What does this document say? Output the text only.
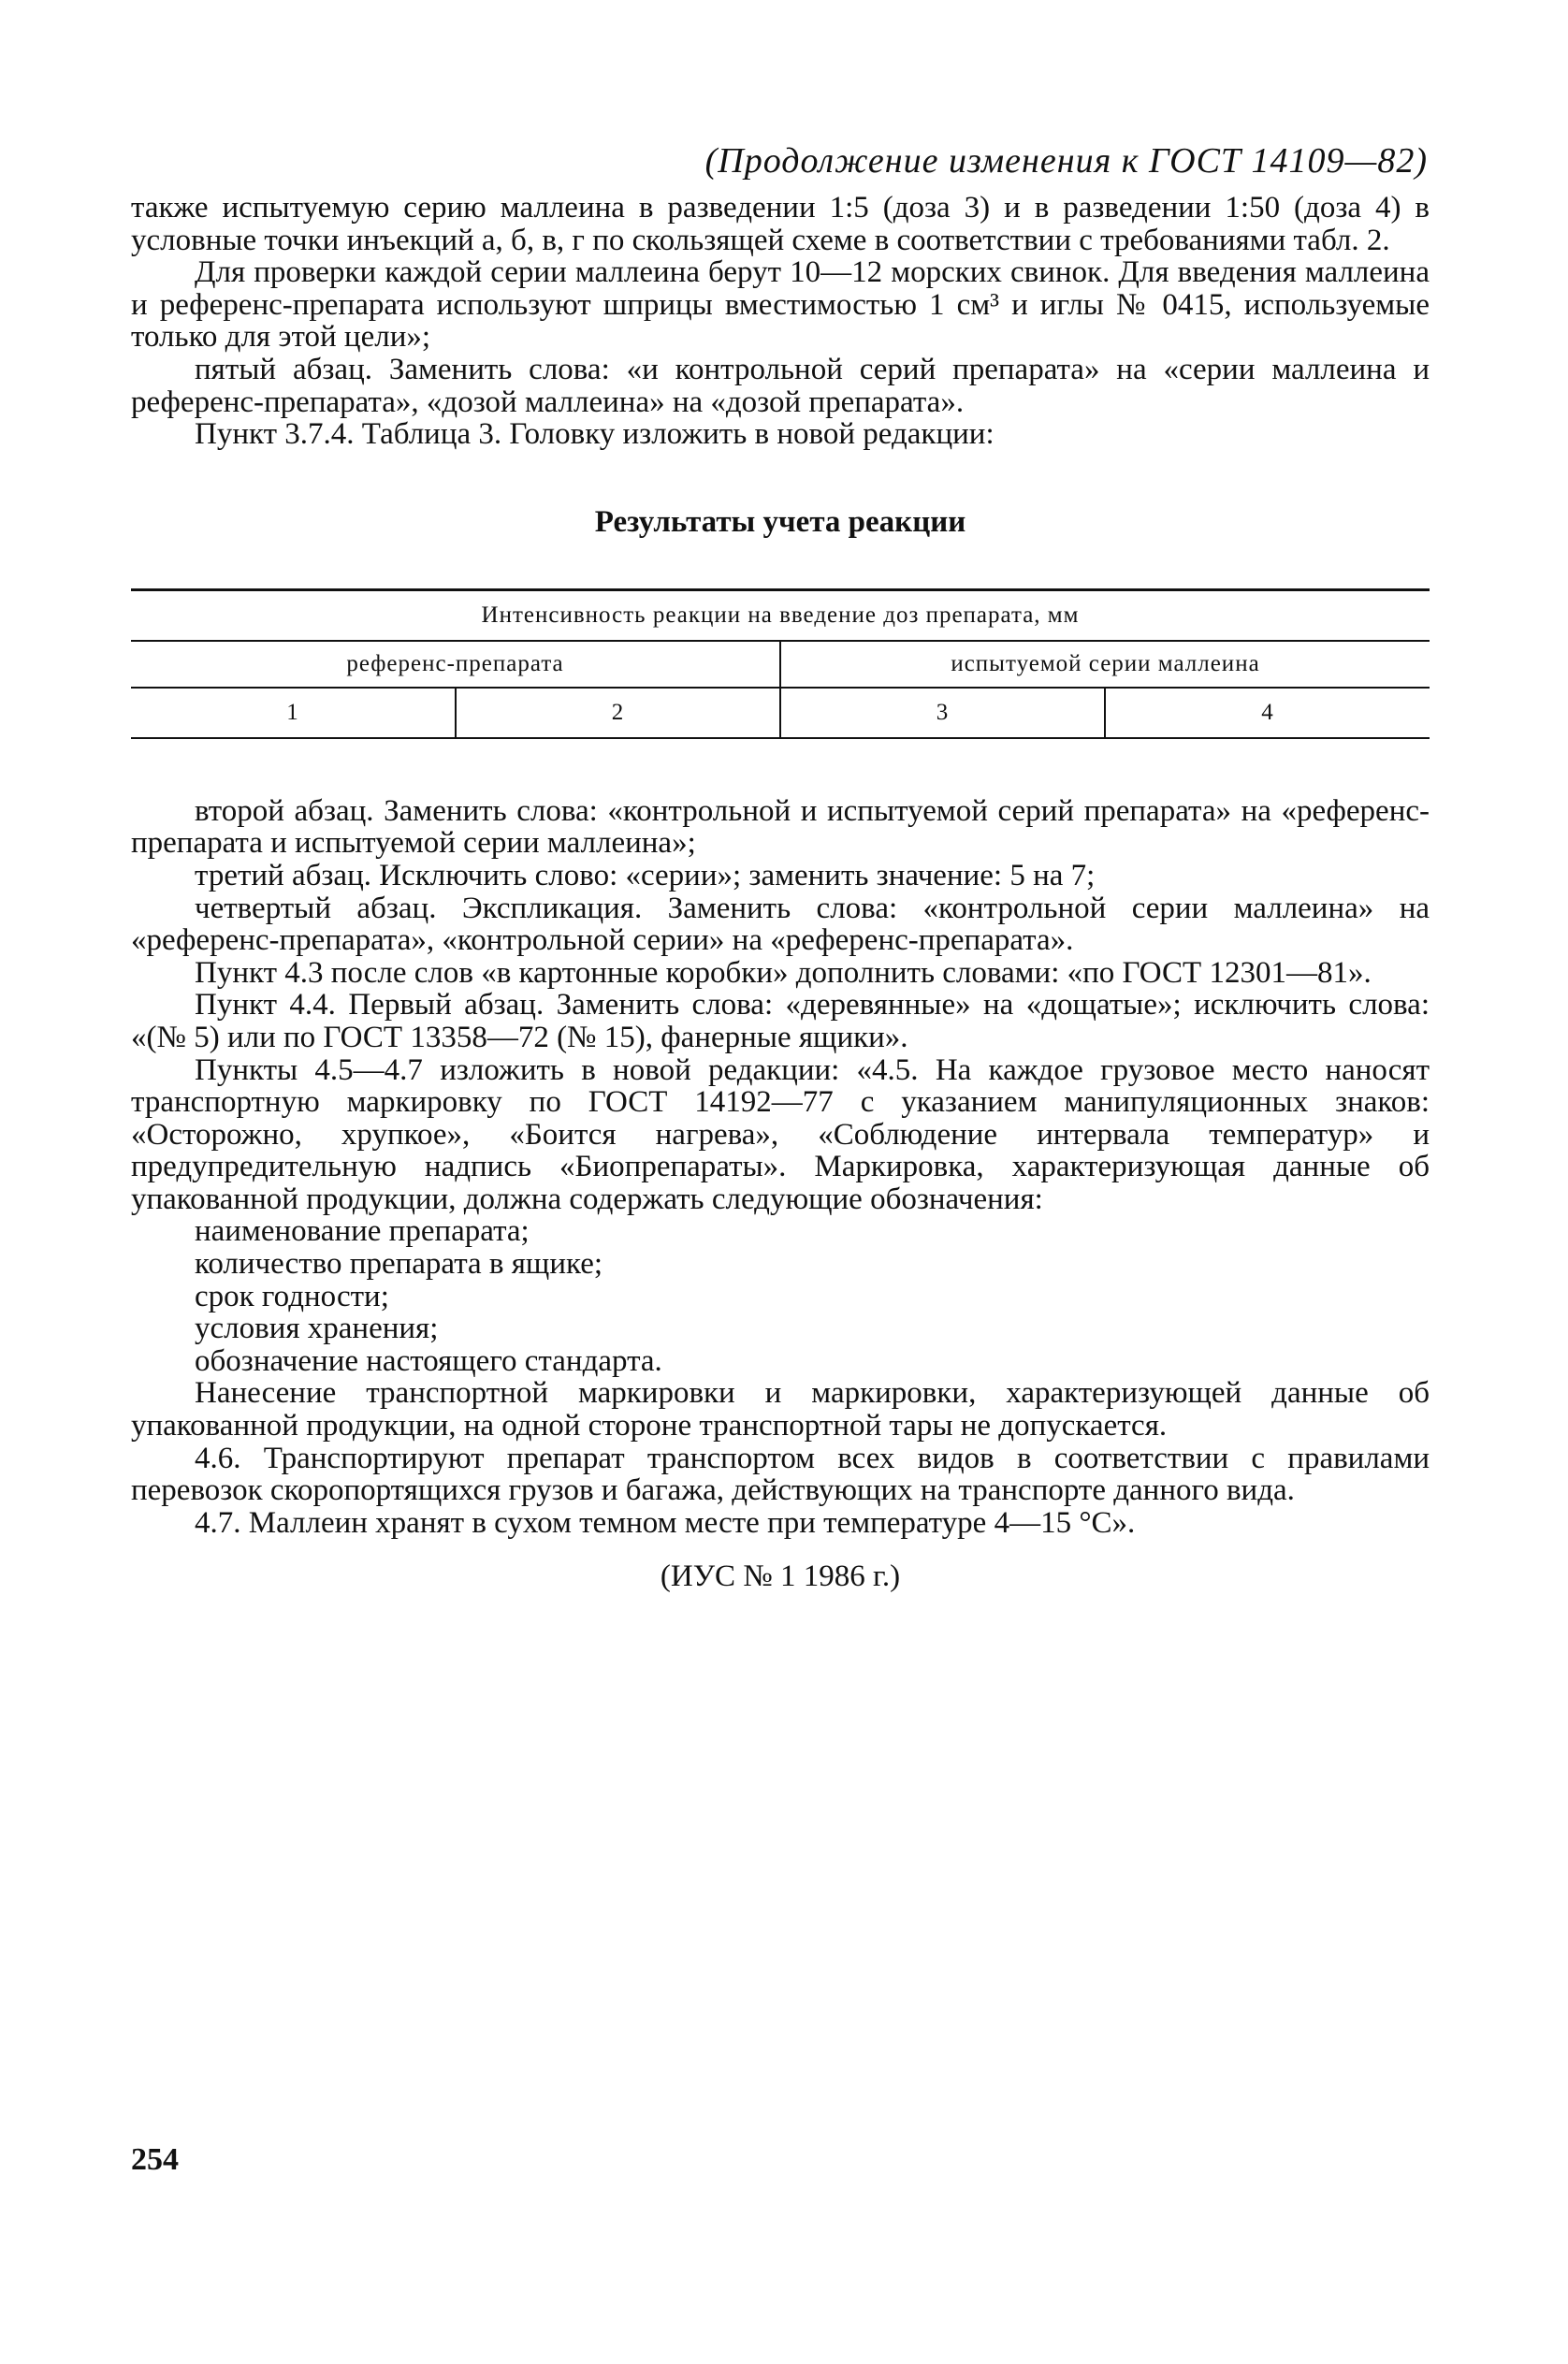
(Продолжение изменения к ГОСТ 14109—82)

также испытуемую серию маллеина в разведении 1:5 (доза 3) и в разведении 1:50 (доза 4) в условные точки инъекций а, б, в, г по скользящей схеме в соответствии с требованиями табл. 2.

Для проверки каждой серии маллеина берут 10—12 морских свинок. Для введения маллеина и референс-препарата используют шприцы вместимостью 1 см³ и иглы № 0415, используемые только для этой цели»;

пятый абзац. Заменить слова: «и контрольной серий препарата» на «серии маллеина и референс-препарата», «дозой маллеина» на «дозой препарата».

Пункт 3.7.4. Таблица 3. Головку изложить в новой редакции:

Результаты учета реакции
Интенсивность реакции на введение доз препарата, мм			
референс-препарата		испытуемой серии маллеина	
1	2	3	4

второй абзац. Заменить слова: «контрольной и испытуемой серий препарата» на «референс-препарата и испытуемой серии маллеина»;

третий абзац. Исключить слово: «серии»; заменить значение: 5 на 7;

четвертый абзац. Экспликация. Заменить слова: «контрольной серии маллеина» на «референс-препарата», «контрольной серии» на «референс-препарата».

Пункт 4.3 после слов «в картонные коробки» дополнить словами: «по ГОСТ 12301—81».

Пункт 4.4. Первый абзац. Заменить слова: «деревянные» на «дощатые»; исключить слова: «(№ 5) или по ГОСТ 13358—72 (№ 15), фанерные ящики».

Пункты 4.5—4.7 изложить в новой редакции: «4.5. На каждое грузовое место наносят транспортную маркировку по ГОСТ 14192—77 с указанием манипуляционных знаков: «Осторожно, хрупкое», «Боится нагрева», «Соблюдение интервала температур» и предупредительную надпись «Биопрепараты». Маркировка, характеризующая данные об упакованной продукции, должна содержать следующие обозначения:

наименование препарата;
количество препарата в ящике;
срок годности;
условия хранения;
обозначение настоящего стандарта.

Нанесение транспортной маркировки и маркировки, характеризующей данные об упакованной продукции, на одной стороне транспортной тары не допускается.

4.6. Транспортируют препарат транспортом всех видов в соответствии с правилами перевозок скоропортящихся грузов и багажа, действующих на транспорте данного вида.

4.7. Маллеин хранят в сухом темном месте при температуре 4—15 °С».

(ИУС № 1 1986 г.)

254
